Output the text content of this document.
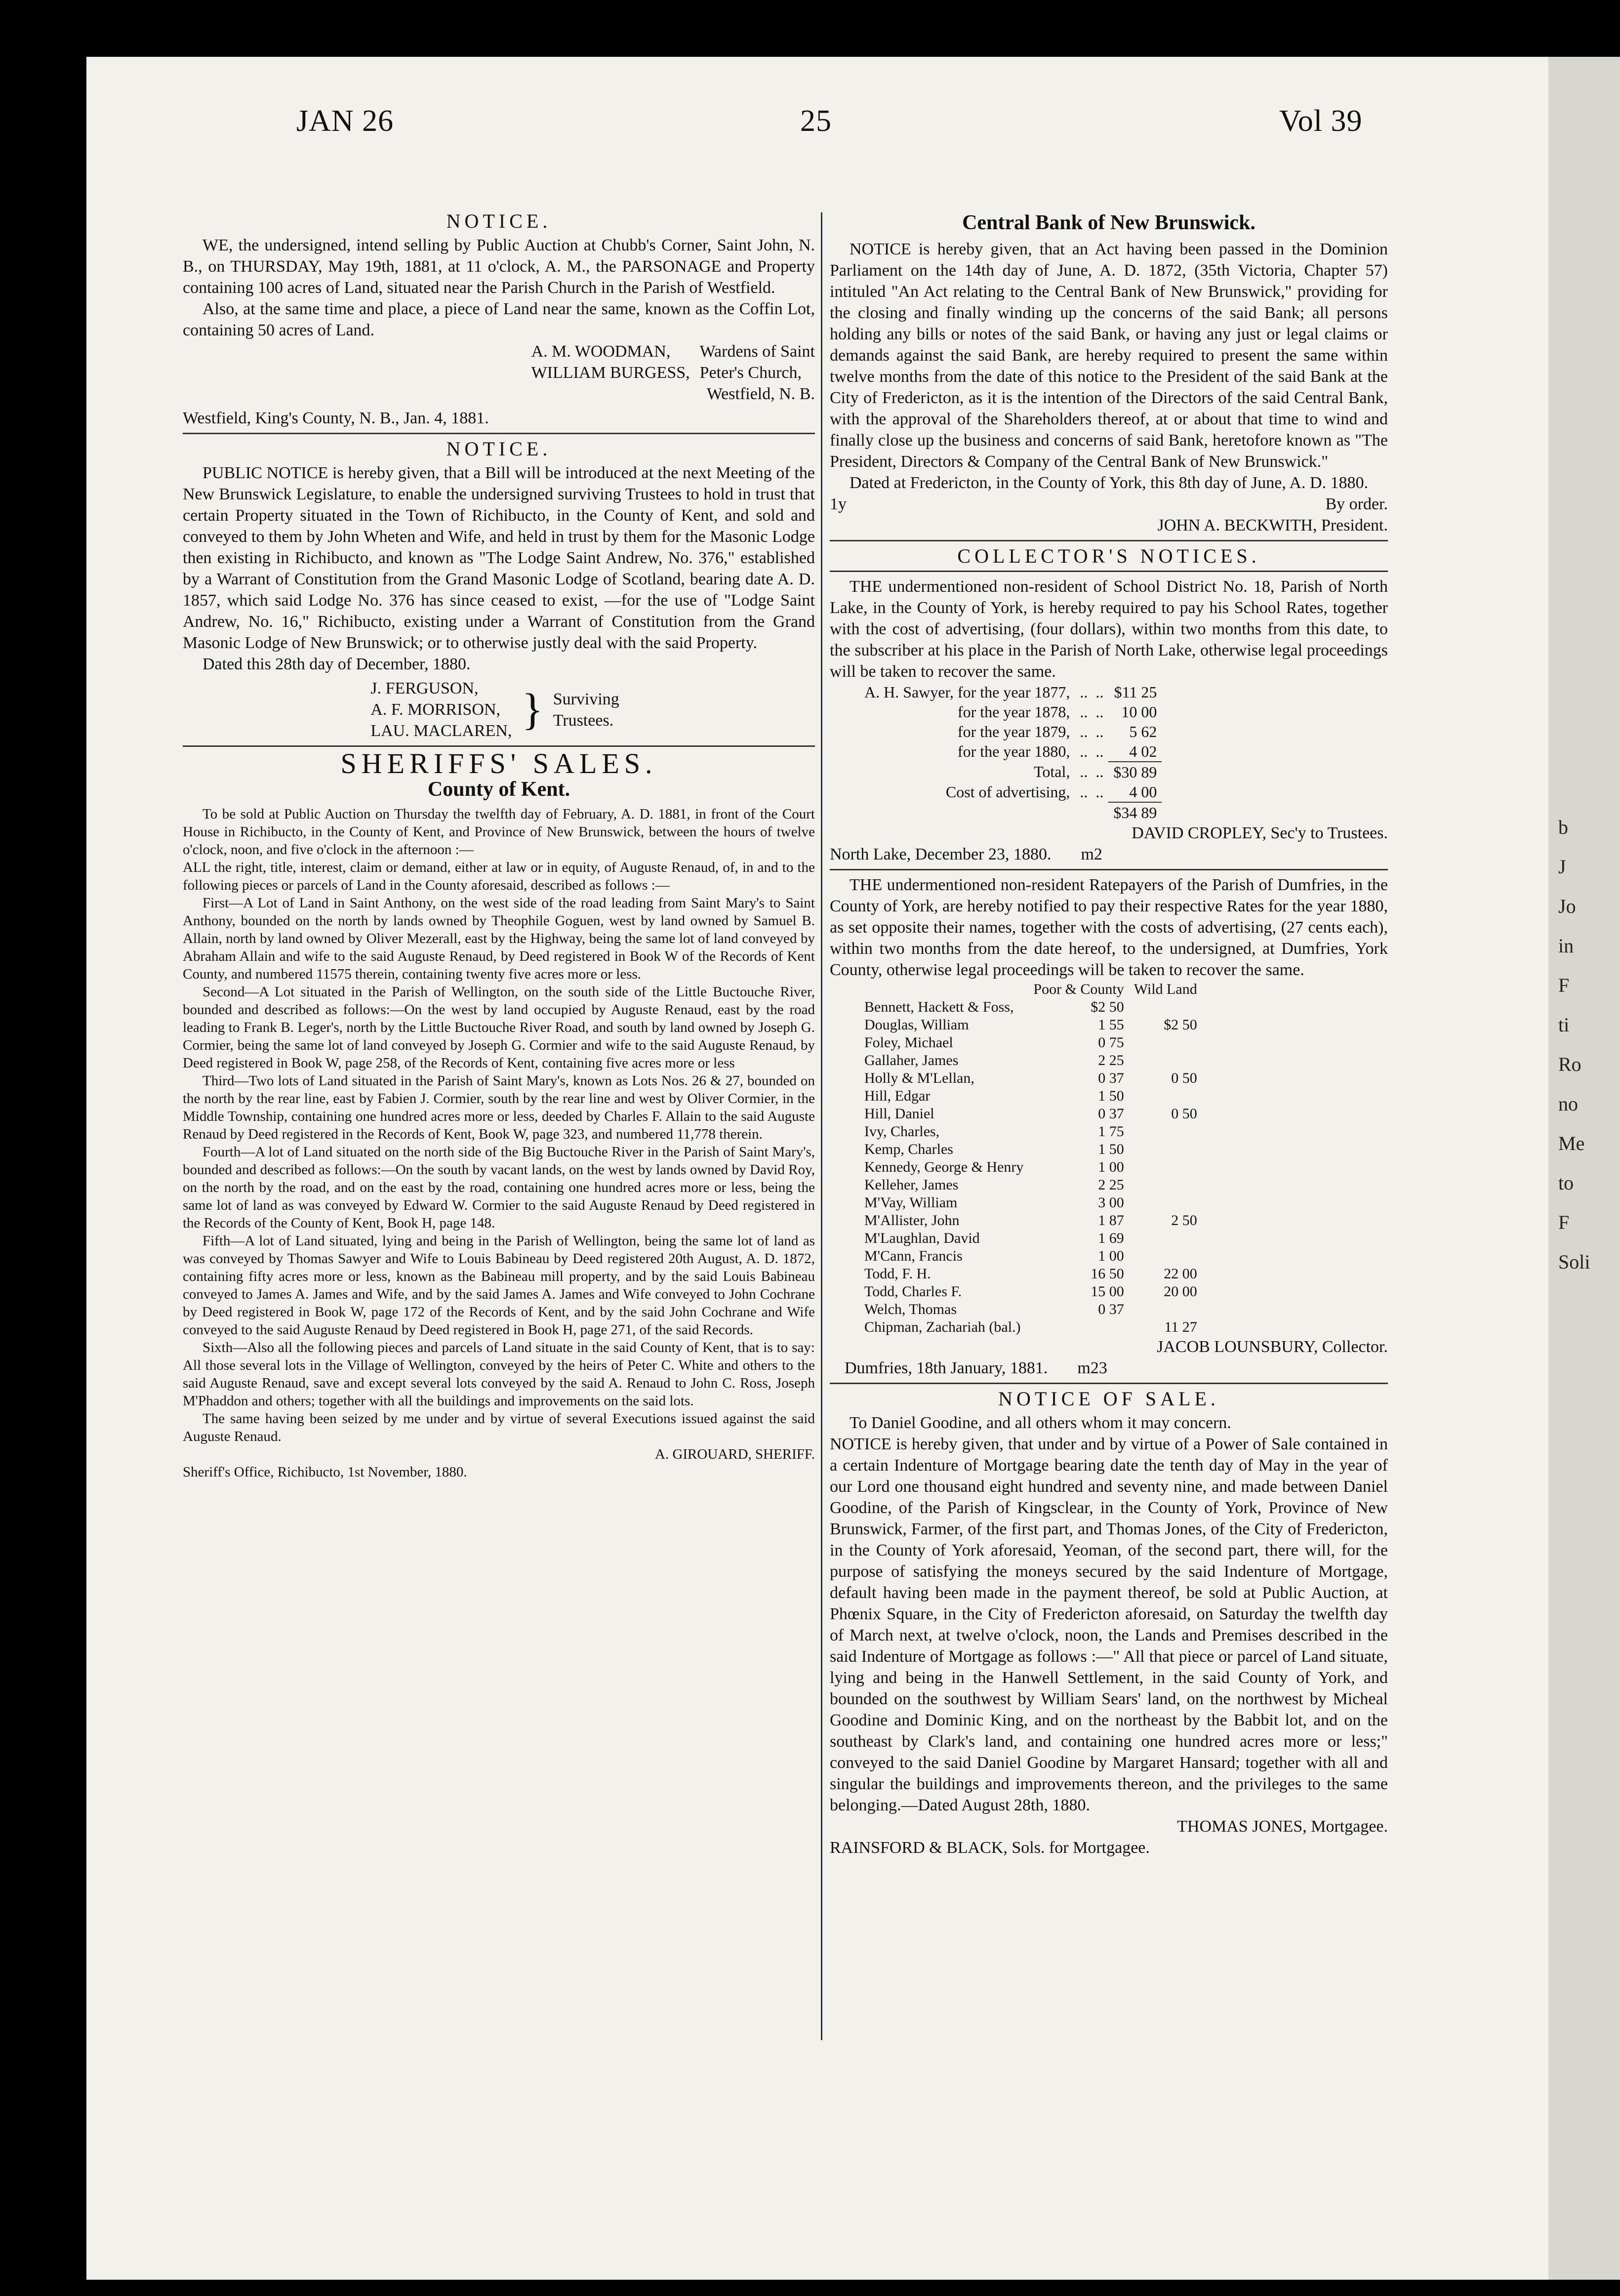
b
J
Jo
in
F
ti
Ro
no
Me
to
F
Soli
JAN 26	25	Vol 39
NOTICE.

WE, the undersigned, intend selling by Public Auction at Chubb's Corner, Saint John, N. B., on THURSDAY, May 19th, 1881, at 11 o'clock, A. M., the PARSONAGE and Property containing 100 acres of Land, situated near the Parish Church in the Parish of Westfield.

Also, at the same time and place, a piece of Land near the same, known as the Coffin Lot, containing 50 acres of Land.

A. M. WOODMAN,
WILLIAM BURGESS,
Wardens of Saint
Peter's Church,
Westfield, N. B.

Westfield, King's County, N. B., Jan. 4, 1881.

NOTICE.

PUBLIC NOTICE is hereby given, that a Bill will be introduced at the next Meeting of the New Brunswick Legislature, to enable the undersigned surviving Trustees to hold in trust that certain Property situated in the Town of Richibucto, in the County of Kent, and sold and conveyed to them by John Wheten and Wife, and held in trust by them for the Masonic Lodge then existing in Richibucto, and known as "The Lodge Saint Andrew, No. 376," established by a Warrant of Constitution from the Grand Masonic Lodge of Scotland, bearing date A. D. 1857, which said Lodge No. 376 has since ceased to exist, —for the use of "Lodge Saint Andrew, No. 16," Richibucto, existing under a Warrant of Constitution from the Grand Masonic Lodge of New Brunswick; or to otherwise justly deal with the said Property.

Dated this 28th day of December, 1880.

J. FERGUSON,
A. F. MORRISON,
LAU. MACLAREN, } Surviving Trustees.
SHERIFFS' SALES.
County of Kent.

To be sold at Public Auction on Thursday the twelfth day of February, A. D. 1881, in front of the Court House in Richibucto, in the County of Kent, and Province of New Brunswick, between the hours of twelve o'clock, noon, and five o'clock in the afternoon :—

ALL the right, title, interest, claim or demand, either at law or in equity, of Auguste Renaud, of, in and to the following pieces or parcels of Land in the County aforesaid, described as follows :—

First—A Lot of Land in Saint Anthony, on the west side of the road leading from Saint Mary's to Saint Anthony, bounded on the north by lands owned by Theophile Goguen, west by land owned by Samuel B. Allain, north by land owned by Oliver Mezerall, east by the Highway, being the same lot of land conveyed by Abraham Allain and wife to the said Auguste Renaud, by Deed registered in Book W of the Records of Kent County, and numbered 11575 therein, containing twenty five acres more or less.

Second—A Lot situated in the Parish of Wellington, on the south side of the Little Buctouche River, bounded and described as follows:—On the west by land occupied by Auguste Renaud, east by the road leading to Frank B. Leger's, north by the Little Buctouche River Road, and south by land owned by Joseph G. Cormier, being the same lot of land conveyed by Joseph G. Cormier and wife to the said Auguste Renaud, by Deed registered in Book W, page 258, of the Records of Kent, containing five acres more or less

Third—Two lots of Land situated in the Parish of Saint Mary's, known as Lots Nos. 26 & 27, bounded on the north by the rear line, east by Fabien J. Cormier, south by the rear line and west by Oliver Cormier, in the Middle Township, containing one hundred acres more or less, deeded by Charles F. Allain to the said Auguste Renaud by Deed registered in the Records of Kent, Book W, page 323, and numbered 11,778 therein.

Fourth—A lot of Land situated on the north side of the Big Buctouche River in the Parish of Saint Mary's, bounded and described as follows:—On the south by vacant lands, on the west by lands owned by David Roy, on the north by the road, and on the east by the road, containing one hundred acres more or less, being the same lot of land as was conveyed by Edward W. Cormier to the said Auguste Renaud by Deed registered in the Records of the County of Kent, Book H, page 148.

Fifth—A lot of Land situated, lying and being in the Parish of Wellington, being the same lot of land as was conveyed by Thomas Sawyer and Wife to Louis Babineau by Deed registered 20th August, A. D. 1872, containing fifty acres more or less, known as the Babineau mill property, and by the said Louis Babineau conveyed to James A. James and Wife, and by the said James A. James and Wife conveyed to John Cochrane by Deed registered in Book W, page 172 of the Records of Kent, and by the said John Cochrane and Wife conveyed to the said Auguste Renaud by Deed registered in Book H, page 271, of the said Records.

Sixth—Also all the following pieces and parcels of Land situate in the said County of Kent, that is to say: All those several lots in the Village of Wellington, conveyed by the heirs of Peter C. White and others to the said Auguste Renaud, save and except several lots conveyed by the said A. Renaud to John C. Ross, Joseph M'Phaddon and others; together with all the buildings and improvements on the said lots.

The same having been seized by me under and by virtue of several Executions issued against the said Auguste Renaud.

A. GIROUARD, SHERIFF.

Sheriff's Office, Richibucto, 1st November, 1880.

Central Bank of New Brunswick.

NOTICE is hereby given, that an Act having been passed in the Dominion Parliament on the 14th day of June, A. D. 1872, (35th Victoria, Chapter 57) intituled "An Act relating to the Central Bank of New Brunswick," providing for the closing and finally winding up the concerns of the said Bank; all persons holding any bills or notes of the said Bank, or having any just or legal claims or demands against the said Bank, are hereby required to present the same within twelve months from the date of this notice to the President of the said Bank at the City of Fredericton, as it is the intention of the Directors of the said Central Bank, with the approval of the Shareholders thereof, at or about that time to wind and finally close up the business and concerns of said Bank, heretofore known as "The President, Directors & Company of the Central Bank of New Brunswick."

Dated at Fredericton, in the County of York, this 8th day of June, A. D. 1880.

1y	By order.

JOHN A. BECKWITH, President.

COLLECTOR'S NOTICES.

THE undermentioned non-resident of School District No. 18, Parish of North Lake, in the County of York, is hereby required to pay his School Rates, together with the cost of advertising, (four dollars), within two months from this date, to the subscriber at his place in the Parish of North Lake, otherwise legal proceedings will be taken to recover the same.

A. H. Sawyer, for the year 1877,	..  ..	$11 25
for the year 1878,	..  ..	10 00
for the year 1879,	..  ..	5 62
for the year 1880,	..  ..	4 02
Total,	..  ..	$30 89
Cost of advertising,	..  ..	4 00
		$34 89

DAVID CROPLEY, Sec'y to Trustees.

North Lake, December 23, 1880. m2

THE undermentioned non-resident Ratepayers of the Parish of Dumfries, in the County of York, are hereby notified to pay their respective Rates for the year 1880, as set opposite their names, together with the costs of advertising, (27 cents each), within two months from the date hereof, to the undersigned, at Dumfries, York County, otherwise legal proceedings will be taken to recover the same.

	Poor & County	Wild Land
Bennett, Hackett & Foss,	$2 50	
Douglas, William	1 55	$2 50
Foley, Michael	0 75	
Gallaher, James	2 25	
Holly & M'Lellan,	0 37	0 50
Hill, Edgar	1 50	
Hill, Daniel	0 37	0 50
Ivy, Charles,	1 75	
Kemp, Charles	1 50	
Kennedy, George & Henry	1 00	
Kelleher, James	2 25	
M'Vay, William	3 00	
M'Allister, John	1 87	2 50
M'Laughlan, David	1 69	
M'Cann, Francis	1 00	
Todd, F. H.	16 50	22 00
Todd, Charles F.	15 00	20 00
Welch, Thomas	0 37	
Chipman, Zachariah (bal.)		11 27

JACOB LOUNSBURY, Collector.

Dumfries, 18th January, 1881. m23
NOTICE OF SALE.

To Daniel Goodine, and all others whom it may concern.

NOTICE is hereby given, that under and by virtue of a Power of Sale contained in a certain Indenture of Mortgage bearing date the tenth day of May in the year of our Lord one thousand eight hundred and seventy nine, and made between Daniel Goodine, of the Parish of Kingsclear, in the County of York, Province of New Brunswick, Farmer, of the first part, and Thomas Jones, of the City of Fredericton, in the County of York aforesaid, Yeoman, of the second part, there will, for the purpose of satisfying the moneys secured by the said Indenture of Mortgage, default having been made in the payment thereof, be sold at Public Auction, at Phœnix Square, in the City of Fredericton aforesaid, on Saturday the twelfth day of March next, at twelve o'clock, noon, the Lands and Premises described in the said Indenture of Mortgage as follows :—" All that piece or parcel of Land situate, lying and being in the Hanwell Settlement, in the said County of York, and bounded on the southwest by William Sears' land, on the northwest by Micheal Goodine and Dominic King, and on the northeast by the Babbit lot, and on the southeast by Clark's land, and containing one hundred acres more or less;" conveyed to the said Daniel Goodine by Margaret Hansard; together with all and singular the buildings and improvements thereon, and the privileges to the same belonging.—Dated August 28th, 1880.

THOMAS JONES, Mortgagee.

RAINSFORD & BLACK, Sols. for Mortgagee.
